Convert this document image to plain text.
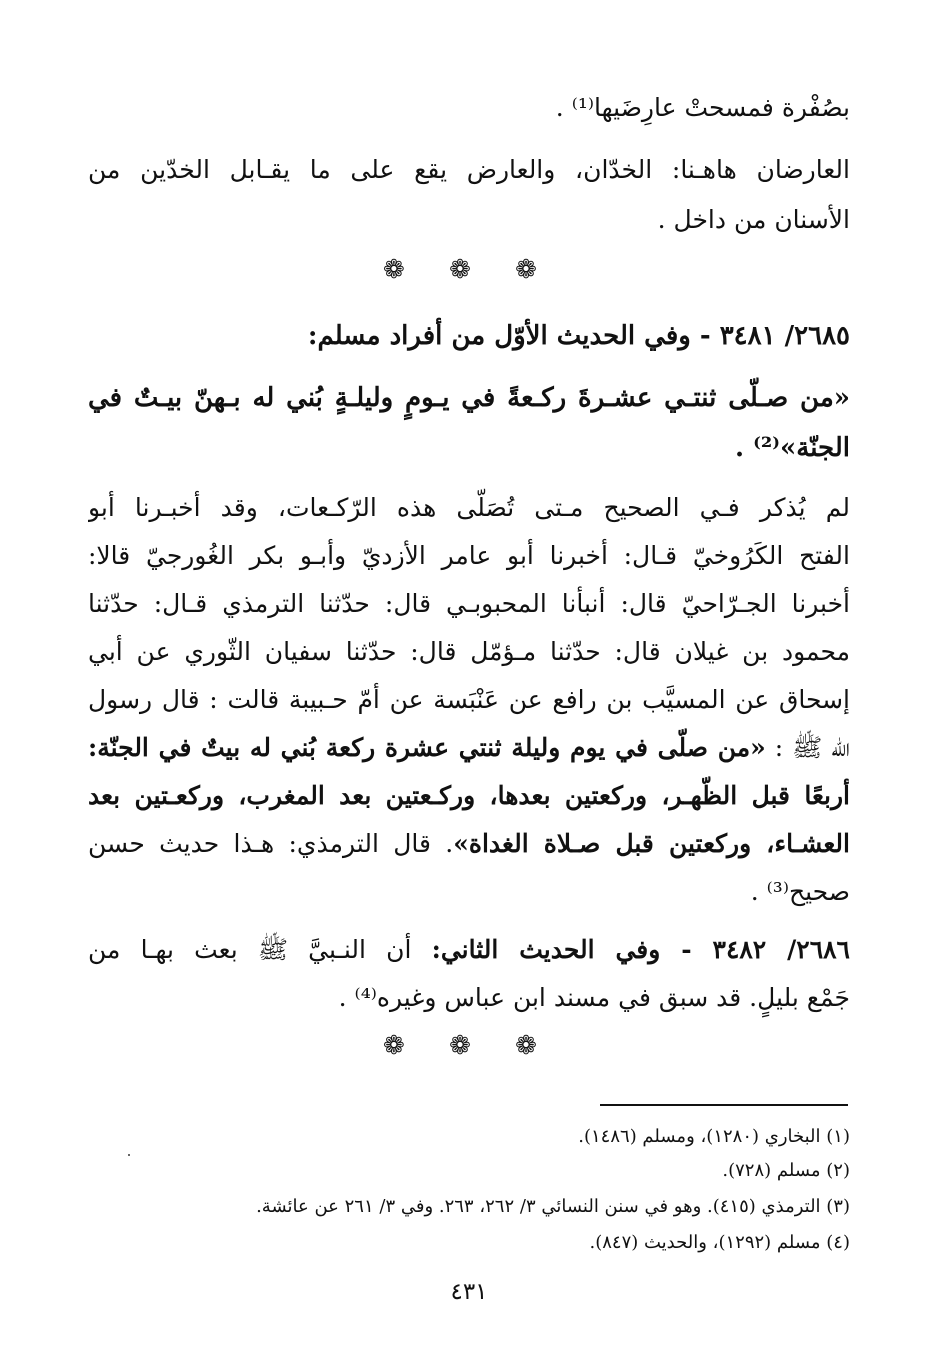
بصُفْرة فمسحتْ عارِضَيها⁽¹⁾ .
العارضان هاهـنا: الخدّان، والعارض يقع على ما يقـابل الخدّين من
الأسنان من داخل .
❁ ❁ ❁
٢٦٨٥/ ٣٤٨١ - وفي الحديث الأوّل من أفراد مسلم:
«من صـلّى ثنتـي عشـرةَ ركـعةً في يـومٍ وليلـةٍ بُني له بـهنّ بيـتٌ في
الجنّة»⁽²⁾ .
لم يُذكر فـي الصحيح مـتى تُصَلّى هذه الرّكـعات، وقد أخبـرنا أبو
الفتح الكَرُوخيّ قـال: أخبرنا أبو عامر الأزديّ وأبـو بكر الغُورجيّ قالا:
أخبرنا الجـرّاحيّ قال: أنبأنا المحبوبـي قال: حدّثنا الترمذي قـال: حدّثنا
محمود بن غيلان قال: حدّثنا مـؤمّل قال: حدّثنا سفيان الثّوري عن أبي
إسحاق عن المسيَّب بن رافع عن عَنْبَسة عن أمّ حـبيبة قالت : قال رسول
الله ﷺ : «من صلّى في يوم وليلة ثنتي عشرة ركعة بُني له بيتٌ في الجنّة:
أربعًا قبل الظّهـر، وركعتين بعدها، وركـعتين بعد المغرب، وركعـتين بعد
العشـاء، وركعتين قبل صـلاة الغداة». قال الترمذي: هـذا حديث حسن
صحيح⁽³⁾ .
٢٦٨٦/ ٣٤٨٢ - وفي الحديث الثاني: أن النـبيَّ ﷺ بعث بهـا من
جَمْع بليلٍ. قد سبق في مسند ابن عباس وغيره⁽⁴⁾ .
❁ ❁ ❁
(١) البخاري (١٢٨٠)، ومسلم (١٤٨٦).
(٢) مسلم (٧٢٨).
(٣) الترمذي (٤١٥). وهو في سنن النسائي ٣/ ٢٦٢، ٢٦٣. وفي ٣/ ٢٦١ عن عائشة.
(٤) مسلم (١٢٩٢)، والحديث (٨٤٧).
٤٣١
